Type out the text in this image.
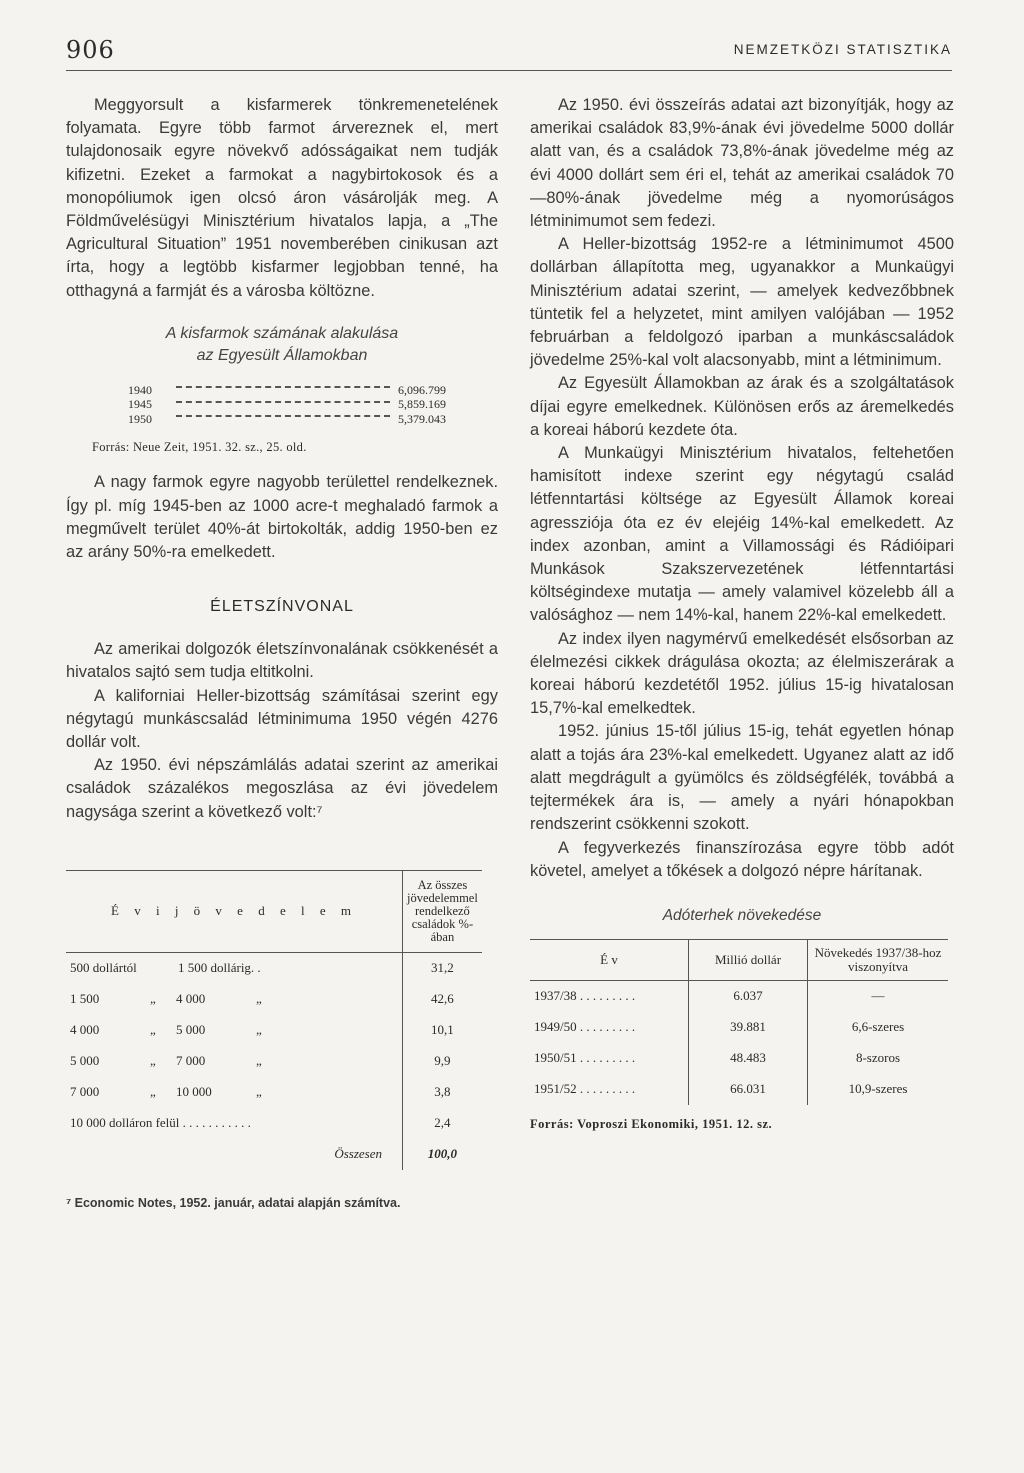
906	NEMZETKÖZI STATISZTIKA

Meggyorsult a kisfarmerek tönkremenetelének folyamata. Egyre több farmot árvereznek el, mert tulajdonosaik egyre növekvő adósságaikat nem tudják kifizetni. Ezeket a farmokat a nagybirtokosok és a monopóliumok igen olcsó áron vásárolják meg. A Földművelésügyi Minisztérium hivatalos lapja, a „The Agricultural Situation” 1951 novemberében cinikusan azt írta, hogy a legtöbb kisfarmer legjobban tenné, ha otthagyná a farmját és a városba költözne.

A kisfarmok számának alakulása
az Egyesült Államokban
1940	6,096.799
1945	5,859.169
1950	5,379.043
Forrás: Neue Zeit, 1951. 32. sz., 25. old.

A nagy farmok egyre nagyobb területtel rendelkeznek. Így pl. míg 1945-ben az 1000 acre-t meghaladó farmok a megművelt terület 40%-át birtokolták, addig 1950-ben ez az arány 50%-ra emelkedett.

ÉLETSZÍNVONAL

Az amerikai dolgozók életszínvonalának csökkenését a hivatalos sajtó sem tudja eltitkolni.

A kaliforniai Heller-bizottság számításai szerint egy négytagú munkáscsalád létminimuma 1950 végén 4276 dollár volt.

Az 1950. évi népszámlálás adatai szerint az amerikai családok százalékos megoszlása az évi jövedelem nagysága szerint a következő volt:⁷

É v i j ö v e d e l e m	Az összes jövedelemmel rendelkező családok %-ában

500 dollártól 1 500 dollárig. .	31,2

1 500 „ 4 000 „	42,6

4 000 „ 5 000 „	10,1

5 000 „ 7 000 „	9,9

7 000 „ 10 000 „	3,8

10 000 dolláron felül . . . . . . . . . . .	2,4
Összesen	100,0
⁷ Economic Notes, 1952. január, adatai alapján számítva.

Az 1950. évi összeírás adatai azt bizonyítják, hogy az amerikai családok 83,9%-ának évi jövedelme 5000 dollár alatt van, és a családok 73,8%-ának jövedelme még az évi 4000 dollárt sem éri el, tehát az amerikai családok 70—80%-ának jövedelme még a nyomorúságos létminimumot sem fedezi.

A Heller-bizottság 1952-re a létminimumot 4500 dollárban állapította meg, ugyanakkor a Munkaügyi Minisztérium adatai szerint, — amelyek kedvezőbbnek tüntetik fel a helyzetet, mint amilyen valójában — 1952 februárban a feldolgozó iparban a munkáscsaládok jövedelme 25%-kal volt alacsonyabb, mint a létminimum.

Az Egyesült Államokban az árak és a szolgáltatások díjai egyre emelkednek. Különösen erős az áremelkedés a koreai háború kezdete óta.

A Munkaügyi Minisztérium hivatalos, feltehetően hamisított indexe szerint egy négytagú család létfenntartási költsége az Egyesült Államok koreai agressziója óta ez év elejéig 14%-kal emelkedett. Az index azonban, amint a Villamossági és Rádióipari Munkások Szakszervezetének létfenntartási költségindexe mutatja — amely valamivel közelebb áll a valósághoz — nem 14%-kal, hanem 22%-kal emelkedett.

Az index ilyen nagymérvű emelkedését elsősorban az élelmezési cikkek drágulása okozta; az élelmiszerárak a koreai háború kezdetétől 1952. július 15-ig hivatalosan 15,7%-kal emelkedtek.

1952. június 15-től július 15-ig, tehát egyetlen hónap alatt a tojás ára 23%-kal emelkedett. Ugyanez alatt az idő alatt megdrágult a gyümölcs és zöldségfélék, továbbá a tejtermékek ára is, — amely a nyári hónapokban rendszerint csökkenni szokott.

A fegyverkezés finanszírozása egyre több adót követel, amelyet a tőkések a dolgozó népre hárítanak.

Adóterhek növekedése
É v	Millió dollár	Növekedés 1937/38-hoz viszonyítva
1937/38 . . . . . . . . .	6.037	—
1949/50 . . . . . . . . .	39.881	6,6-szeres
1950/51 . . . . . . . . .	48.483	8-szoros
1951/52 . . . . . . . . .	66.031	10,9-szeres
Forrás: Voproszi Ekonomiki, 1951. 12. sz.
